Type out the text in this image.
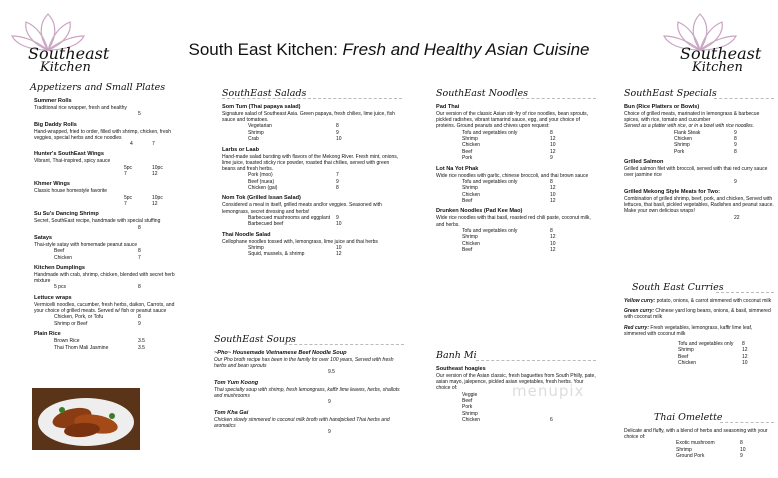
Southeast
Kitchen
Southeast
Kitchen
South East Kitchen: Fresh and Healthy Asian Cuisine
Appetizers and Small Plates
Summer Rolls
Traditional rice wrapper, fresh and healthy
5
Big Daddy Rolls
Hand-wrapped, fried to order, filled with shrimp, chicken, fresh veggies, special herbs and rice noodles
4	7
Hunter's SouthEast Wings
Vibrant, Thai-inspired, spicy sauce
5pc	10pc
7	12
Khmer Wings
Classic house homestyle favorite
5pc	10pc
7	12
Su Su's Dancing Shrimp
Secret, SouthEast recipe, handmade with special stuffing
8
Satays
Thai-style satay with homemade peanut sauce
Beef	8
Chicken	7
Kitchen Dumplings
Handmade with crab, shrimp, chicken, blended with secret herb mixture
5 pcs	8
Lettuce wraps
Vermicelli noodles, cucumber, fresh herbs, daikon, Carrots, and your choice of grilled meats. Served w/ fish or peanut sauce
Chicken, Pork, or Tofu	8
Shrimp or Beef	9
Plain Rice
Brown Rice	3.5
Thai Thom Mali Jasmine	3.5
SouthEast Salads
Som Tum (Thai papaya salad)
Signature salad of Southeast Asia. Green papaya, fresh chilies, lime juice, fish sauce and tomatoes.
Vegetarian	8
Shrimp	9
Crab	10
Larbs or Laab
Hand-made salad bursting with flavors of the Mekong River. Fresh mint, onions, lime juice, toasted sticky rice powder, roasted thai chilies, served with green beans and fresh herbs.
Pork (moo)	7
Beef (nuea)	9
Chicken (gai)	8
Nom Tok (Grilled Issan Salad)
Considered a meal in itself, grilled meats and/or veggies. Seasoned with lemongrass, secret dressing and herbs!
Barbecued mushrooms and eggplant	9
Barbecued beef	10
Thai Noodle Salad
Cellophane noodles tossed with, lemongrass, lime juice and thai herbs
Shrimp	10
Squid, mussels, & shrimp	12
SouthEast Soups
~Pho~ Housemade Vietnamese Beef Noodle Soup
Our Pho broth recipe has been in the family for over 100 years, Served with fresh herbs and bean sprouts
9.5
Tom Yum Koong
Thai specialty soup with shrimp, fresh lemongrass, kaffir lime leaves, herbs, shallots and mushrooms
9
Tom Kha Gai
Chicken slowly simmered in coconut milk broth with handpicked Thai herbs and aromatics
9
SouthEast Noodles
Pad Thai
Our version of the classic Asian stir-fry of rice noodles, bean sprouts, pickled radishes, vibrant tamarind sauce, egg, and your choice of proteins. Ground peanuts and chives upon request:
Tofu and vegetables only	8
Shrimp	12
Chicken	10
Beef	12
Pork	9
Lot Na Yot Phak
Wide rice noodles with garlic, chinese broccoli, and thai brown sauce
Tofu and vegetables only	8
Shrimp	12
Chicken	10
Beef	12
Drunken Noodles (Pad Kee Mao)
Wide rice noodles with thai basil, roasted red chili paste, coconut milk, and herbs.
Tofu and vegetables only	8
Shrimp	12
Chicken	10
Beef	12
Banh Mi
Southeast hoagies
Our version of the Asian classic, fresh baguettes from South Philly, pate, asian mayo, jalepence, pickled asian vegetables, fresh herbs. Your choice of:
Veggie
Beef
Pork
Shrimp
Chicken	6
SouthEast Specials
Bun (Rice Platters or Bowls)
Choice of grilled meats, marinated in lemongrass & barbecue spices, with rice, tomato and cucumber
Served as a platter with rice, or in a bowl with rice noodles.
Flank Steak	9
Chicken	8
Shrimp	9
Pork	8
Grilled Salmon
Grilled salmon filet with broccoli, served with thai red curry sauce over jasmine rice
9
Grilled Mekong Style Meats for Two:
Combination of grilled shrimp, beef, pork, and chicken, Served with lettuces, thai basil, pickled vegetables, Radishes and peanut sauce. Make your own delicious wraps!
22
South East Curries
Yellow curry: potato, onions, & carrot simmered with coconut milk
Green curry: Chinese yard long beans, onions, & basil, simmered with coconut milk
Red curry: Fresh vegetables, lemongrass, kaffir lime leaf, simmered with coconut milk
Tofu and vegetables only	8
Shrimp	12
Beef	12
Chicken	10
Thai Omelette
Delicate and fluffy, with a blend of herbs and seasoning with your choice of:
Exotic mushroom	8
Shrimp	10
Ground Pork	9
menupix
